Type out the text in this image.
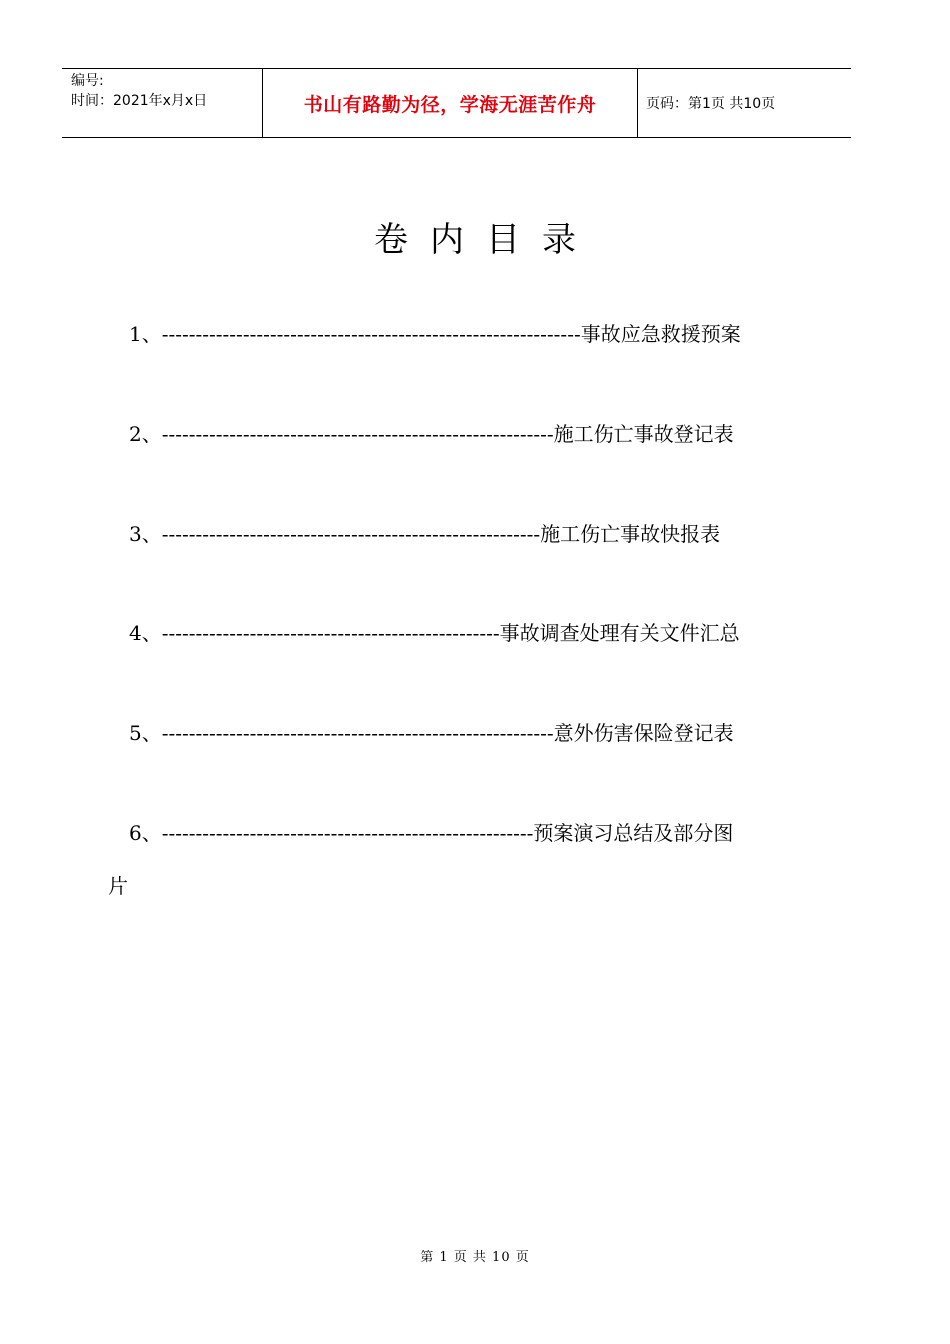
编号:
时间：2021年x月x日	书山有路勤为径，学海无涯苦作舟	页码：第1页 共10页
卷内目录
1、--------------------------------------------------------------事故应急救援预案
2、----------------------------------------------------------施工伤亡事故登记表
3、--------------------------------------------------------施工伤亡事故快报表
4、--------------------------------------------------事故调查处理有关文件汇总
5、----------------------------------------------------------意外伤害保险登记表
6、-------------------------------------------------------预案演习总结及部分图
片
第 1 页 共 10 页
